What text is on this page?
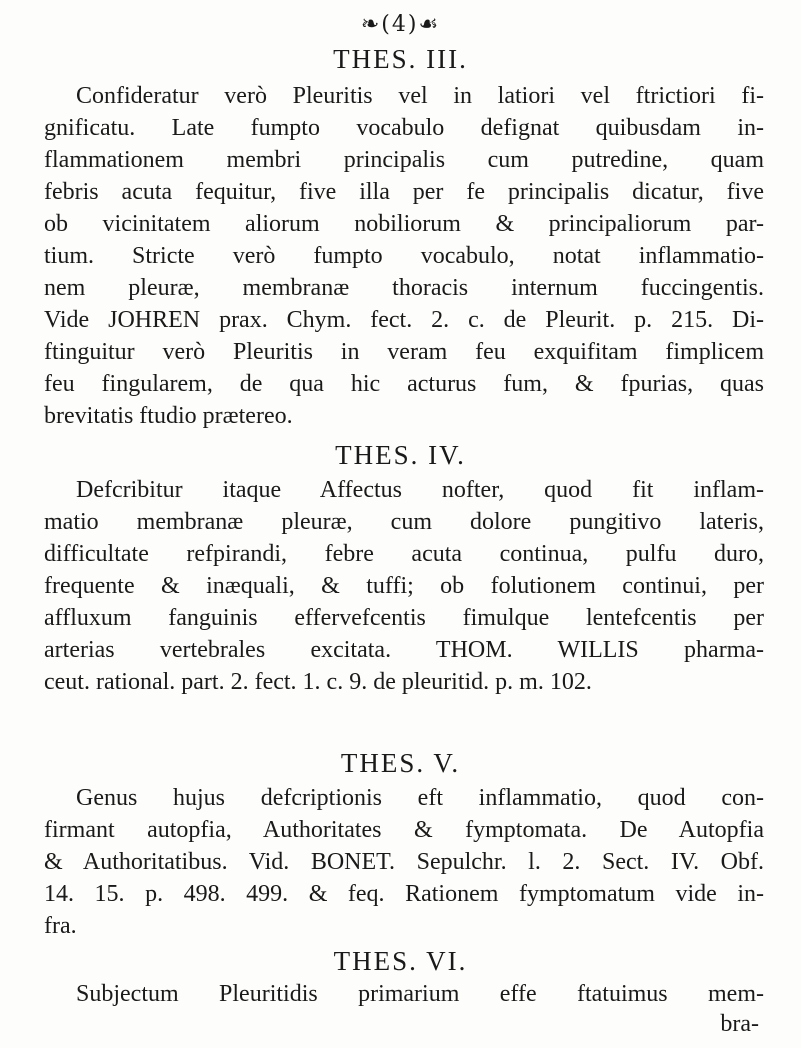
❧(4)☙
THES. III.
Confideratur verò Pleuritis vel in latiori vel ftrictiori fi-
gnificatu. Late fumpto vocabulo defignat quibusdam in-
flammationem membri principalis cum putredine, quam
febris acuta fequitur, five illa per fe principalis dicatur, five
ob vicinitatem aliorum nobiliorum & principaliorum par-
tium. Stricte verò fumpto vocabulo, notat inflammatio-
nem pleuræ, membranæ thoracis internum fuccingentis.
Vide JOHREN prax. Chym. fect. 2. c. de Pleurit. p. 215. Di-
ftinguitur verò Pleuritis in veram feu exquifitam fimplicem
feu fingularem, de qua hic acturus fum, & fpurias, quas
brevitatis ftudio prætereo.
THES. IV.
Defcribitur itaque Affectus nofter, quod fit inflam-
matio membranæ pleuræ, cum dolore pungitivo lateris,
difficultate refpirandi, febre acuta continua, pulfu duro,
frequente & inæquali, & tuffi; ob folutionem continui, per
affluxum fanguinis effervefcentis fimulque lentefcentis per
arterias vertebrales excitata. THOM. WILLIS pharma-
ceut. rational. part. 2. fect. 1. c. 9. de pleuritid. p. m. 102.
THES. V.
Genus hujus defcriptionis eft inflammatio, quod con-
firmant autopfia, Authoritates & fymptomata. De Autopfia
& Authoritatibus. Vid. BONET. Sepulchr. l. 2. Sect. IV. Obf.
14. 15. p. 498. 499. & feq. Rationem fymptomatum vide in-
fra.
THES. VI.
Subjectum Pleuritidis primarium effe ftatuimus mem-
bra-
